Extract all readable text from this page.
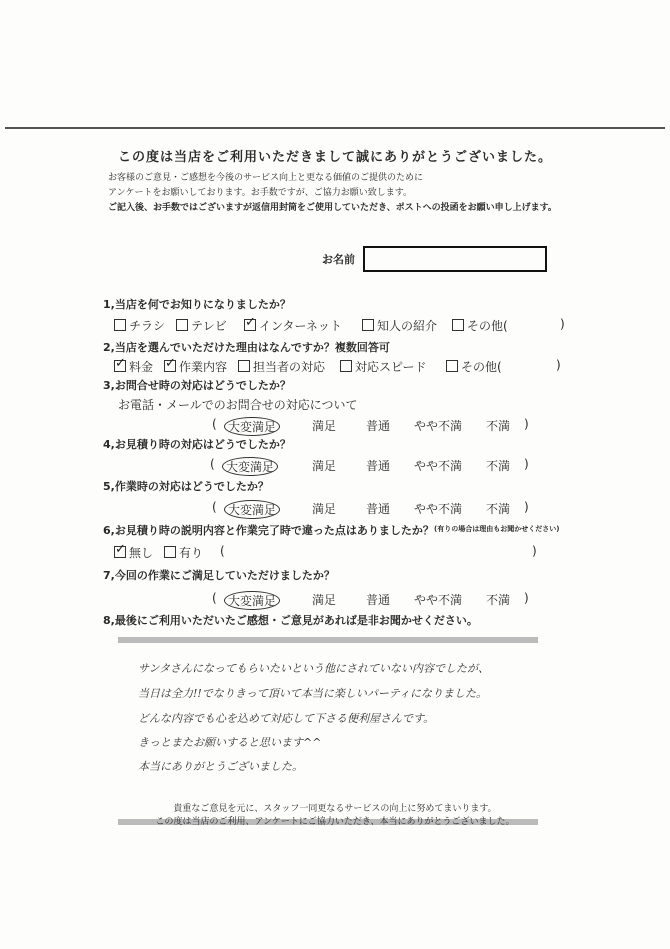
この度は当店をご利用いただきまして誠にありがとうございました。
お客様のご意見・ご感想を今後のサービス向上と更なる価値のご提供のために
アンケートをお願いしております。お手数ですが、ご協力お願い致します。
ご記入後、お手数ではございますが返信用封筒をご使用していただき、ポストへの投函をお願い申し上げます。
お名前
1,当店を何でお知りになりましたか？
チラシ	テレビ ✓	インターネット	知人の紹介	その他(	)
2,当店を選んでいただけた理由はなんですか？複数回答可
✓料金 ✓	作業内容	担当者の対応	対応スピード	その他(	)
3,お問合せ時の対応はどうでしたか？
お電話・メールでのお問合せの対応について
( 大変満足	満足 普通 やや不満 不満 )
4,お見積り時の対応はどうでしたか？
( 大変満足	満足 普通 やや不満 不満 )
5,作業時の対応はどうでしたか？
( 大変満足	満足 普通 やや不満 不満 )
6,お見積り時の説明内容と作業完了時で違った点はありましたか？ (有りの場合は理由もお聞かせください)
✓無し	有り (	)
7,今回の作業にご満足していただけましたか？
( 大変満足	満足 普通 やや不満 不満 )
8,最後にご利用いただいたご感想・ご意見があれば是非お聞かせください。
サンタさんになってもらいたいという他にされていない内容でしたが、
当日は全力!!でなりきって頂いて本当に楽しいパーティになりました。
どんな内容でも心を込めて対応して下さる便利屋さんです。
きっとまたお願いすると思います^^
本当にありがとうございました。
貴重なご意見を元に、スタッフ一同更なるサービスの向上に努めてまいります。
この度は当店のご利用、アンケートにご協力いただき、本当にありがとうございました。
